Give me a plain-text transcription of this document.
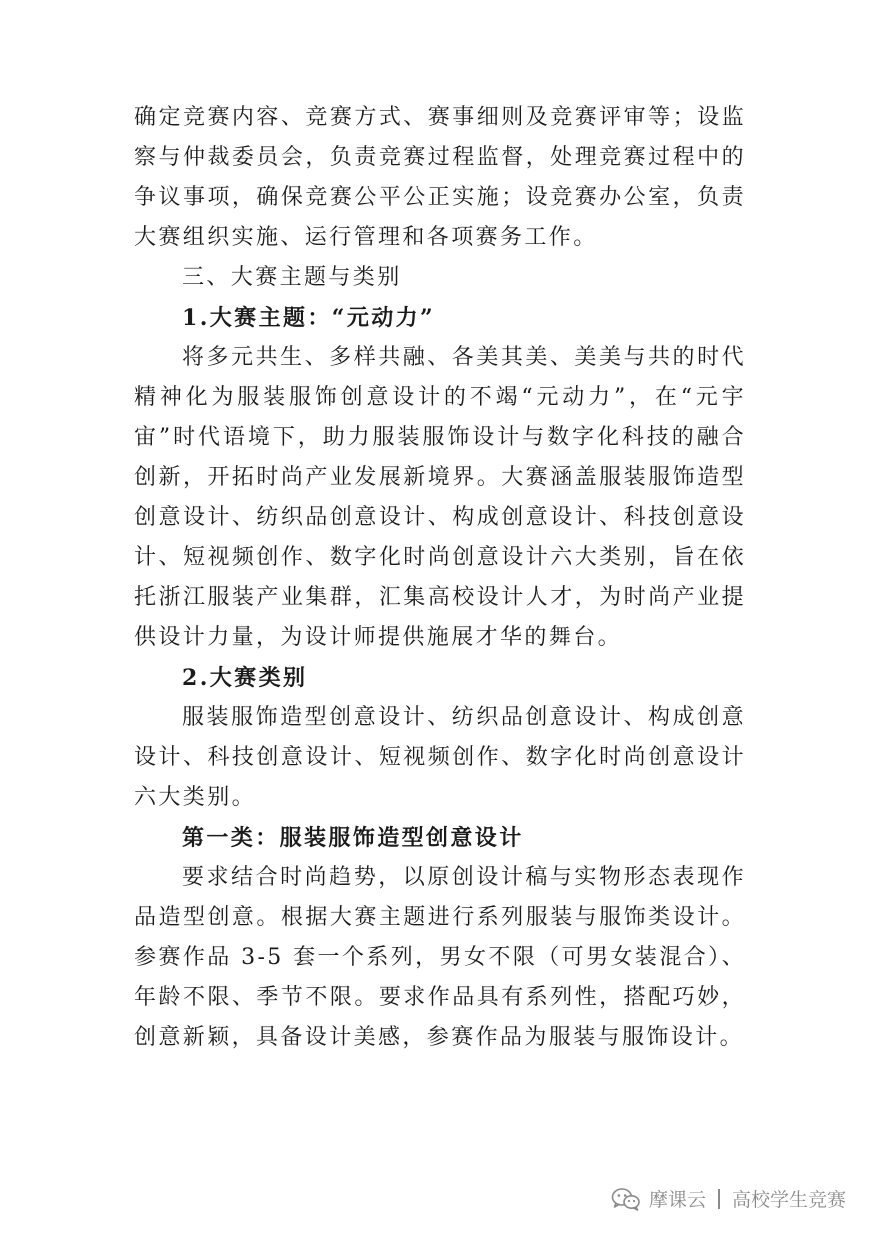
确定竞赛内容、竞赛方式、赛事细则及竞赛评审等；设监察与仲裁委员会，负责竞赛过程监督，处理竞赛过程中的争议事项，确保竞赛公平公正实施；设竞赛办公室，负责大赛组织实施、运行管理和各项赛务工作。

三、大赛主题与类别

1.大赛主题：“元动力”

将多元共生、多样共融、各美其美、美美与共的时代精神化为服装服饰创意设计的不竭“元动力”，在“元宇宙”时代语境下，助力服装服饰设计与数字化科技的融合创新，开拓时尚产业发展新境界。大赛涵盖服装服饰造型创意设计、纺织品创意设计、构成创意设计、科技创意设计、短视频创作、数字化时尚创意设计六大类别，旨在依托浙江服装产业集群，汇集高校设计人才，为时尚产业提供设计力量，为设计师提供施展才华的舞台。

2.大赛类别

服装服饰造型创意设计、纺织品创意设计、构成创意设计、科技创意设计、短视频创作、数字化时尚创意设计六大类别。

第一类：服装服饰造型创意设计

要求结合时尚趋势，以原创设计稿与实物形态表现作品造型创意。根据大赛主题进行系列服装与服饰类设计。参赛作品 3-5 套一个系列，男女不限（可男女装混合）、年龄不限、季节不限。要求作品具有系列性，搭配巧妙，创意新颖，具备设计美感，参赛作品为服装与服饰设计。

摩课云 高校学生竞赛
